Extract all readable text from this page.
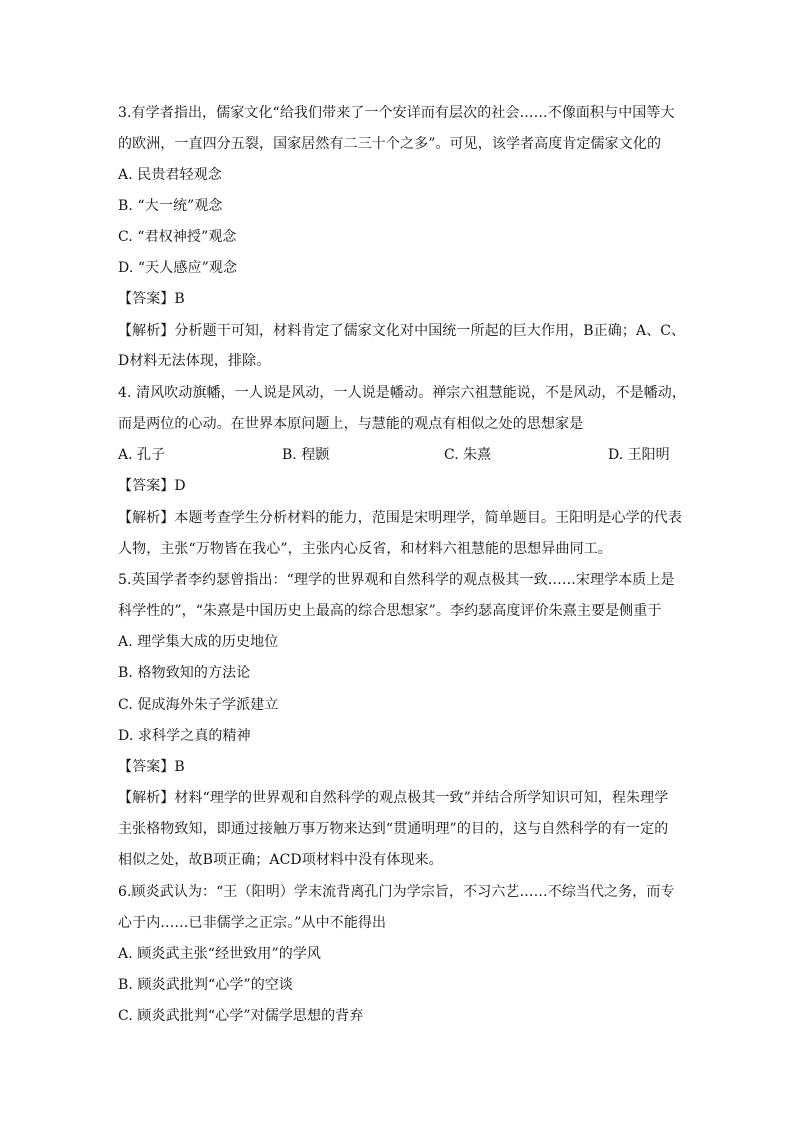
3.有学者指出，儒家文化“给我们带来了一个安详而有层次的社会……不像面积与中国等大
的欧洲，一直四分五裂，国家居然有二三十个之多”。可见，该学者高度肯定儒家文化的
A. 民贵君轻观念
B. “大一统”观念
C. “君权神授”观念
D. “天人感应”观念
【答案】B
【解析】分析题干可知，材料肯定了儒家文化对中国统一所起的巨大作用，B正确；A、C、
D材料无法体现，排除。
4. 清风吹动旗幡，一人说是风动，一人说是幡动。禅宗六祖慧能说，不是风动，不是幡动，
而是两位的心动。在世界本原问题上，与慧能的观点有相似之处的思想家是
A. 孔子	B. 程颢	C. 朱熹	D. 王阳明
【答案】D
【解析】本题考查学生分析材料的能力，范围是宋明理学，简单题目。王阳明是心学的代表
人物，主张“万物皆在我心”，主张内心反省，和材料六祖慧能的思想异曲同工。
5.英国学者李约瑟曾指出：“理学的世界观和自然科学的观点极其一致……宋理学本质上是
科学性的”，“朱熹是中国历史上最高的综合思想家”。李约瑟高度评价朱熹主要是侧重于
A. 理学集大成的历史地位
B. 格物致知的方法论
C. 促成海外朱子学派建立
D. 求科学之真的精神
【答案】B
【解析】材料“理学的世界观和自然科学的观点极其一致”并结合所学知识可知，程朱理学
主张格物致知，即通过接触万事万物来达到“贯通明理”的目的，这与自然科学的有一定的
相似之处，故B项正确；ACD项材料中没有体现来。
6.顾炎武认为：“王（阳明）学末流背离孔门为学宗旨，不习六艺……不综当代之务，而专
心于内……已非儒学之正宗。”从中不能得出
A. 顾炎武主张“经世致用”的学风
B. 顾炎武批判“心学”的空谈
C. 顾炎武批判“心学”对儒学思想的背弃
